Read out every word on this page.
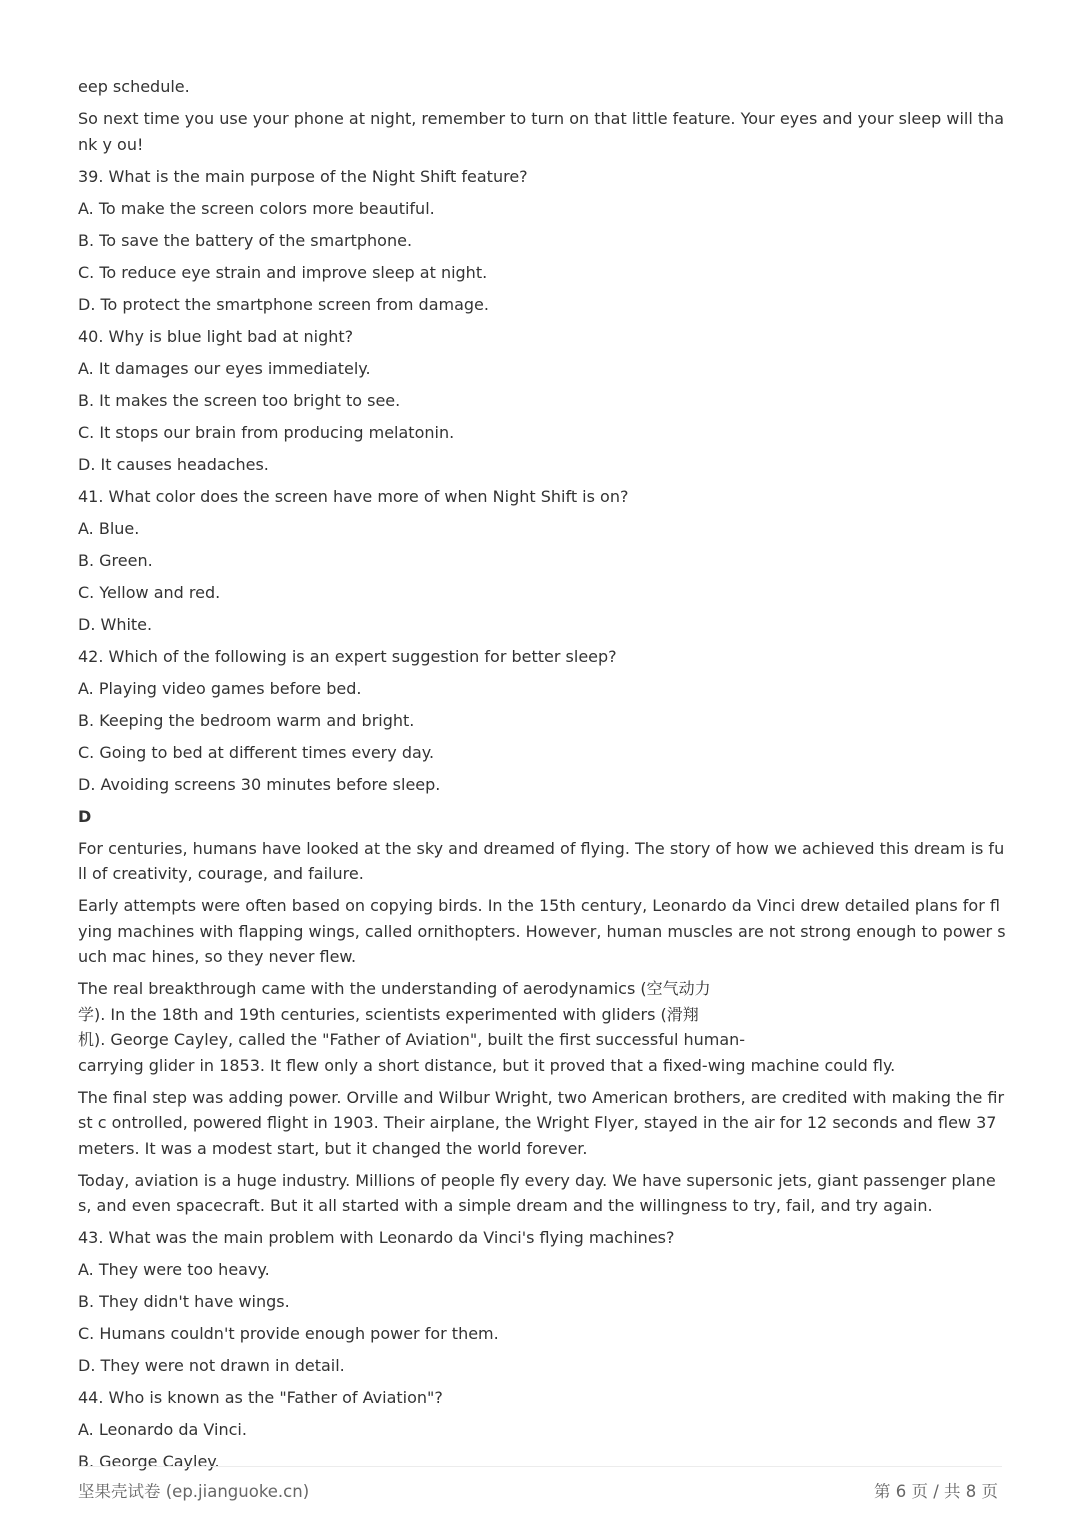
eep schedule.

So next time you use your phone at night, remember to turn on that little feature. Your eyes and your sleep will thank y ou!

39. What is the main purpose of the Night Shift feature?

A. To make the screen colors more beautiful.

B. To save the battery of the smartphone.

C. To reduce eye strain and improve sleep at night.

D. To protect the smartphone screen from damage.

40. Why is blue light bad at night?

A. It damages our eyes immediately.

B. It makes the screen too bright to see.

C. It stops our brain from producing melatonin.

D. It causes headaches.

41. What color does the screen have more of when Night Shift is on?

A. Blue.

B. Green.

C. Yellow and red.

D. White.

42. Which of the following is an expert suggestion for better sleep?

A. Playing video games before bed.

B. Keeping the bedroom warm and bright.

C. Going to bed at different times every day.

D. Avoiding screens 30 minutes before sleep.

D

For centuries, humans have looked at the sky and dreamed of flying. The story of how we achieved this dream is full of creativity, courage, and failure.

Early attempts were often based on copying birds. In the 15th century, Leonardo da Vinci drew detailed plans for flying machines with flapping wings, called ornithopters. However, human muscles are not strong enough to power such mac hines, so they never flew.

The real breakthrough came with the understanding of aerodynamics (空气动力
学). In the 18th and 19th centuries, scientists experimented with gliders (滑翔
机). George Cayley, called the "Father of Aviation", built the first successful human-
carrying glider in 1853. It flew only a short distance, but it proved that a fixed-wing machine could fly.

The final step was adding power. Orville and Wilbur Wright, two American brothers, are credited with making the first c ontrolled, powered flight in 1903. Their airplane, the Wright Flyer, stayed in the air for 12 seconds and flew 37 meters. It was a modest start, but it changed the world forever.

Today, aviation is a huge industry. Millions of people fly every day. We have supersonic jets, giant passenger planes, and even spacecraft. But it all started with a simple dream and the willingness to try, fail, and try again.

43. What was the main problem with Leonardo da Vinci's flying machines?

A. They were too heavy.

B. They didn't have wings.

C. Humans couldn't provide enough power for them.

D. They were not drawn in detail.

44. Who is known as the "Father of Aviation"?

A. Leonardo da Vinci.

B. George Cayley.
坚果壳试卷 (ep.jianguoke.cn)	第 6 页 / 共 8 页
